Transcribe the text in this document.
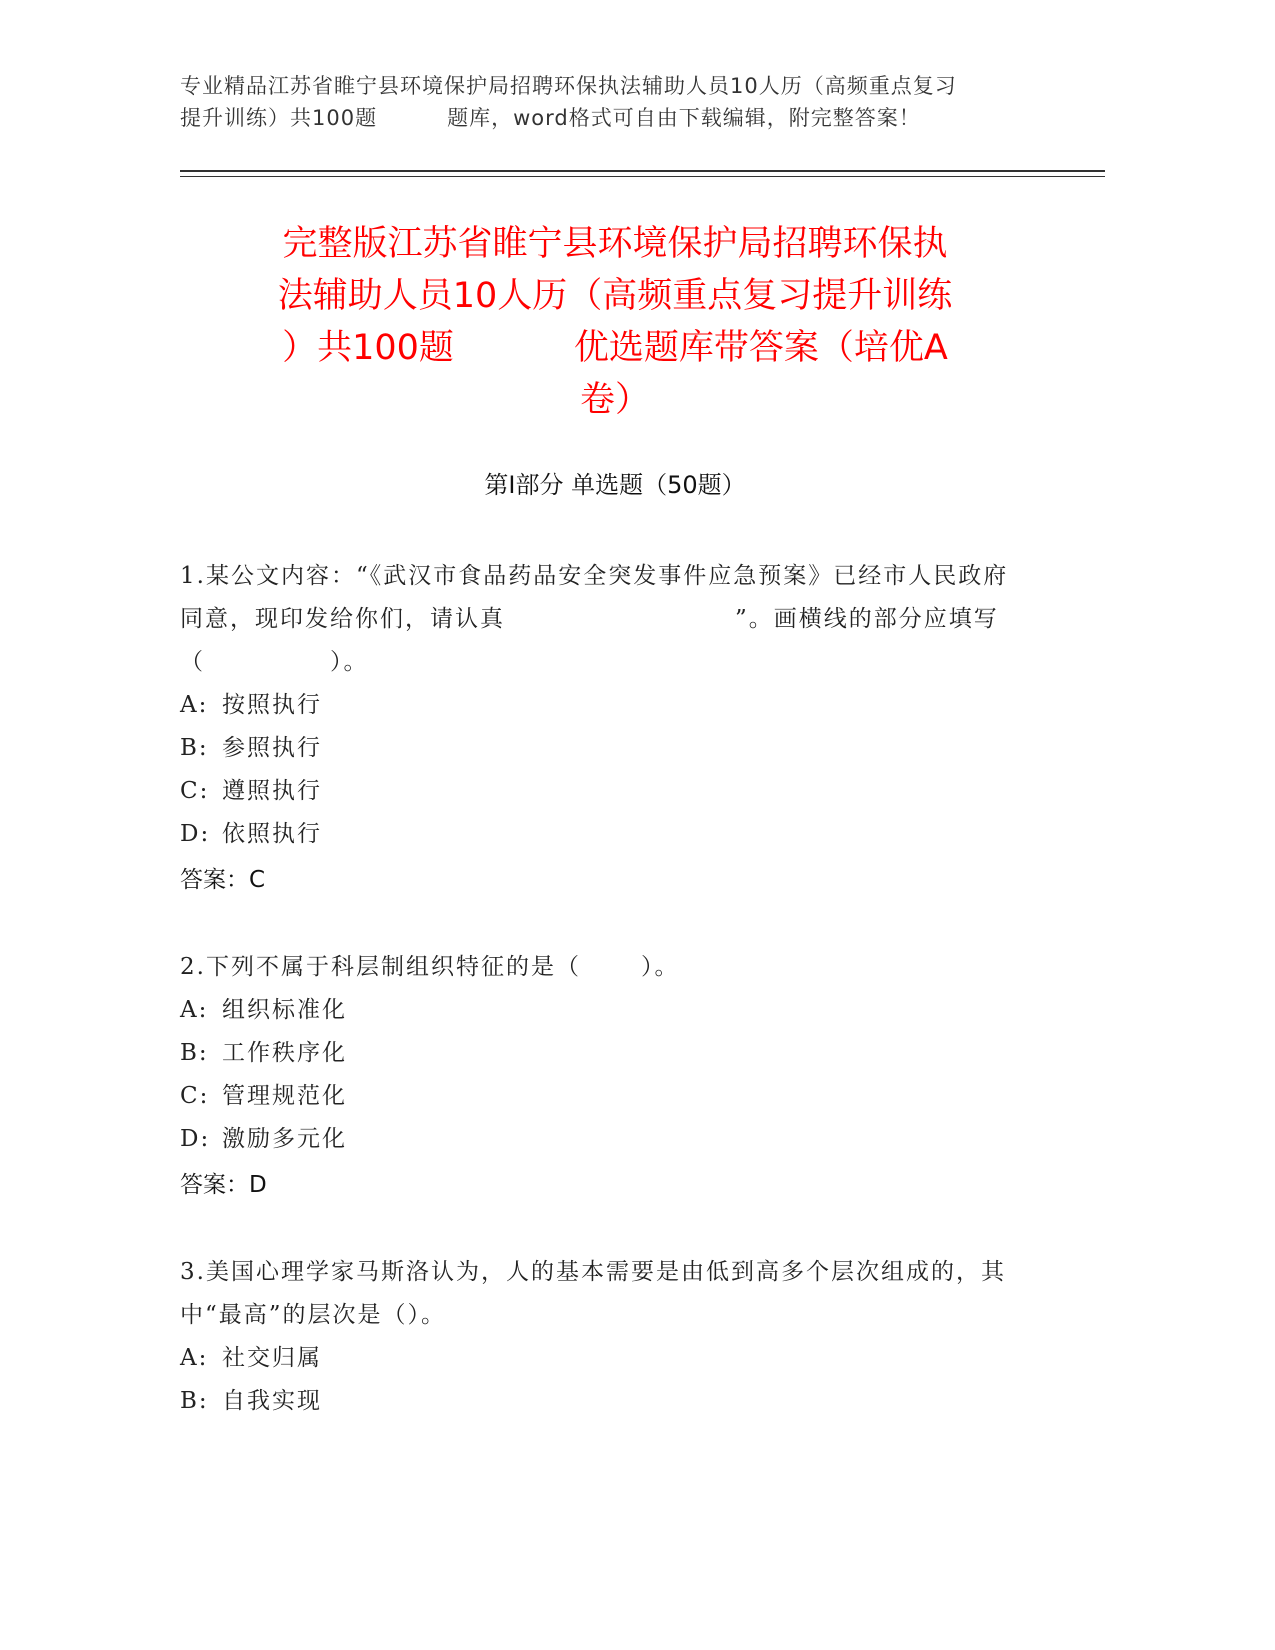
专业精品江苏省睢宁县环境保护局招聘环保执法辅助人员10人历（高频重点复习
提升训练）共100题	题库，word格式可自由下载编辑，附完整答案！
完整版江苏省睢宁县环境保护局招聘环保执
法辅助人员10人历（高频重点复习提升训练
）共100题	优选题库带答案（培优A
卷）
第Ⅰ部分 单选题（50题）
1.某公文内容：“《武汉市食品药品安全突发事件应急预案》已经市人民政府同意，现印发给你们，请认真	”。画横线的部分应填写（	）。
A: 按照执行
B: 参照执行
C: 遵照执行
D: 依照执行
答案：C
2.下列不属于科层制组织特征的是（	）。
A: 组织标准化
B: 工作秩序化
C: 管理规范化
D: 激励多元化
答案：D
3.美国心理学家马斯洛认为，人的基本需要是由低到高多个层次组成的，其中“最高”的层次是（）。
A: 社交归属
B: 自我实现
